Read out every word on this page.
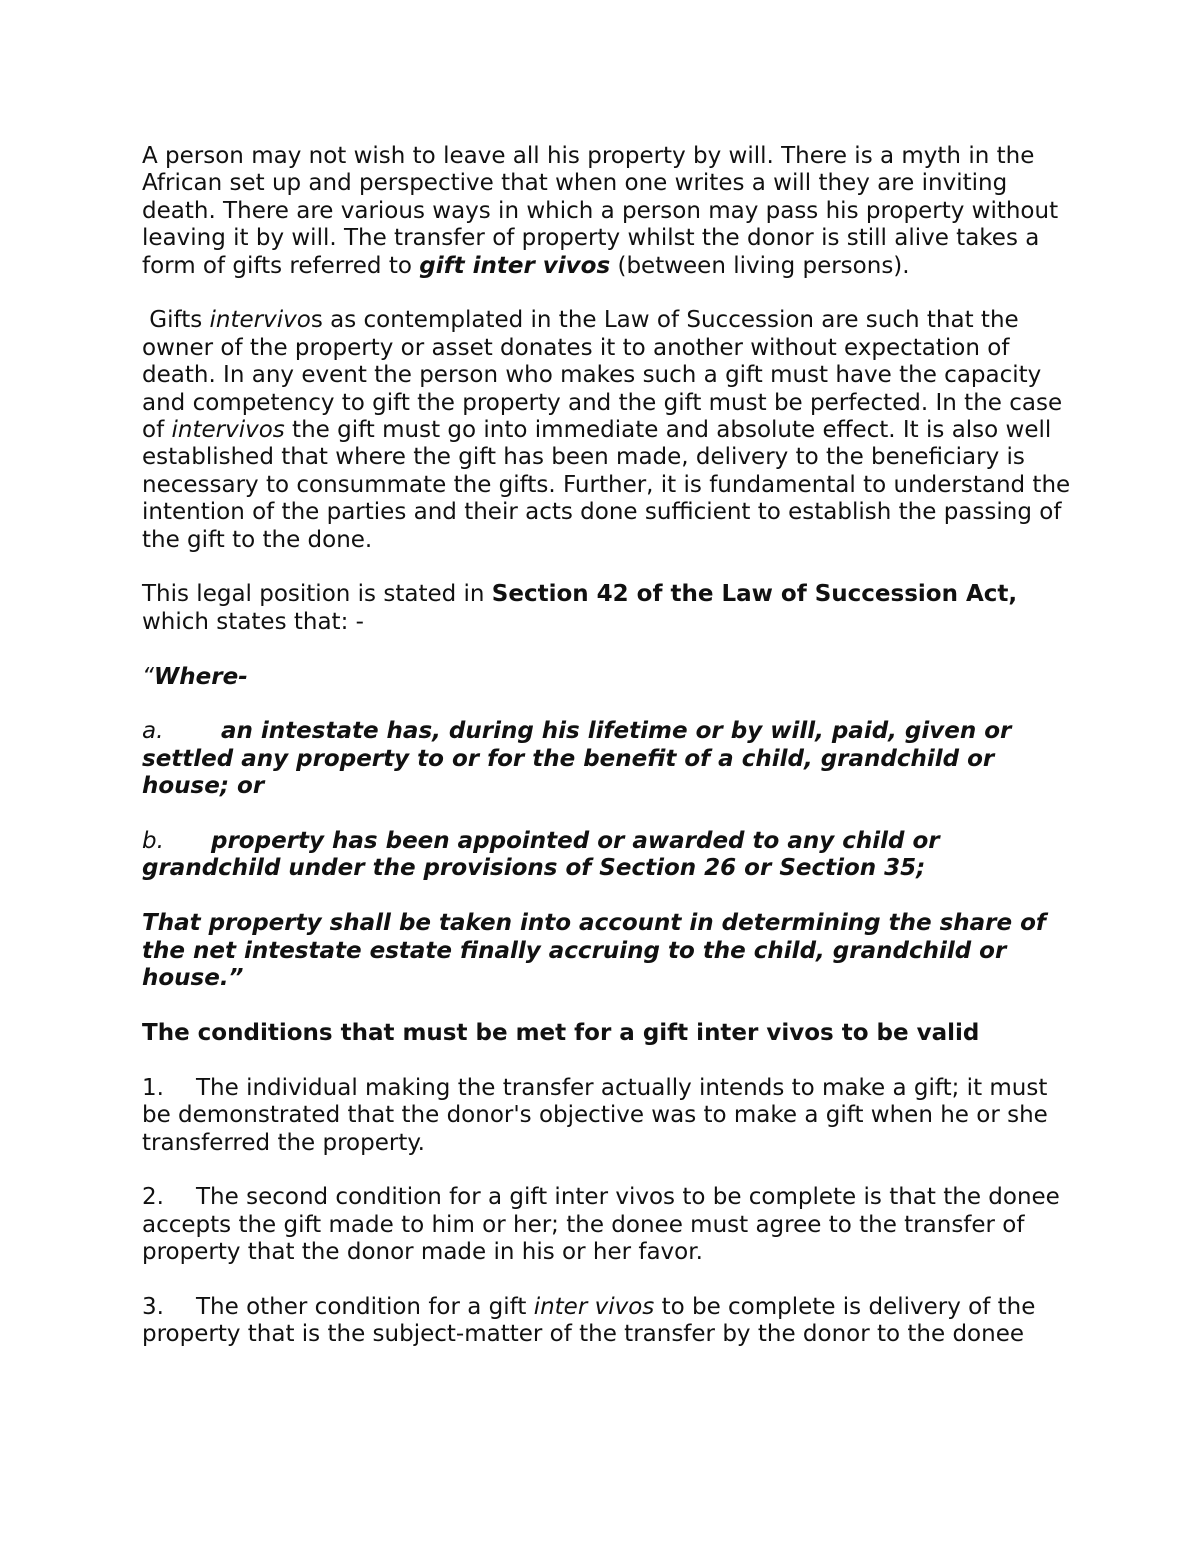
A person may not wish to leave all his property by will. There is a myth in the African set up and perspective that when one writes a will they are inviting death. There are various ways in which a person may pass his property without leaving it by will. The transfer of property whilst the donor is still alive takes a form of gifts referred to gift inter vivos (between living persons).

Gifts intervivos as contemplated in the Law of Succession are such that the owner of the property or asset donates it to another without expectation of death. In any event the person who makes such a gift must have the capacity and competency to gift the property and the gift must be perfected. In the case of intervivos the gift must go into immediate and absolute effect. It is also well established that where the gift has been made, delivery to the beneficiary is necessary to consummate the gifts. Further, it is fundamental to understand the intention of the parties and their acts done sufficient to establish the passing of the gift to the done.

This legal position is stated in Section 42 of the Law of Succession Act, which states that: -

“Where-

a.	an intestate has, during his lifetime or by will, paid, given or settled any property to or for the benefit of a child, grandchild or house; or

b. property has been appointed or awarded to any child or grandchild under the provisions of Section 26 or Section 35;

That property shall be taken into account in determining the share of the net intestate estate finally accruing to the child, grandchild or house.”

The conditions that must be met for a gift inter vivos to be valid

1. The individual making the transfer actually intends to make a gift; it must be demonstrated that the donor's objective was to make a gift when he or she transferred the property.

2. The second condition for a gift inter vivos to be complete is that the donee accepts the gift made to him or her; the donee must agree to the transfer of property that the donor made in his or her favor.

3. The other condition for a gift inter vivos to be complete is delivery of the property that is the subject-matter of the transfer by the donor to the donee
